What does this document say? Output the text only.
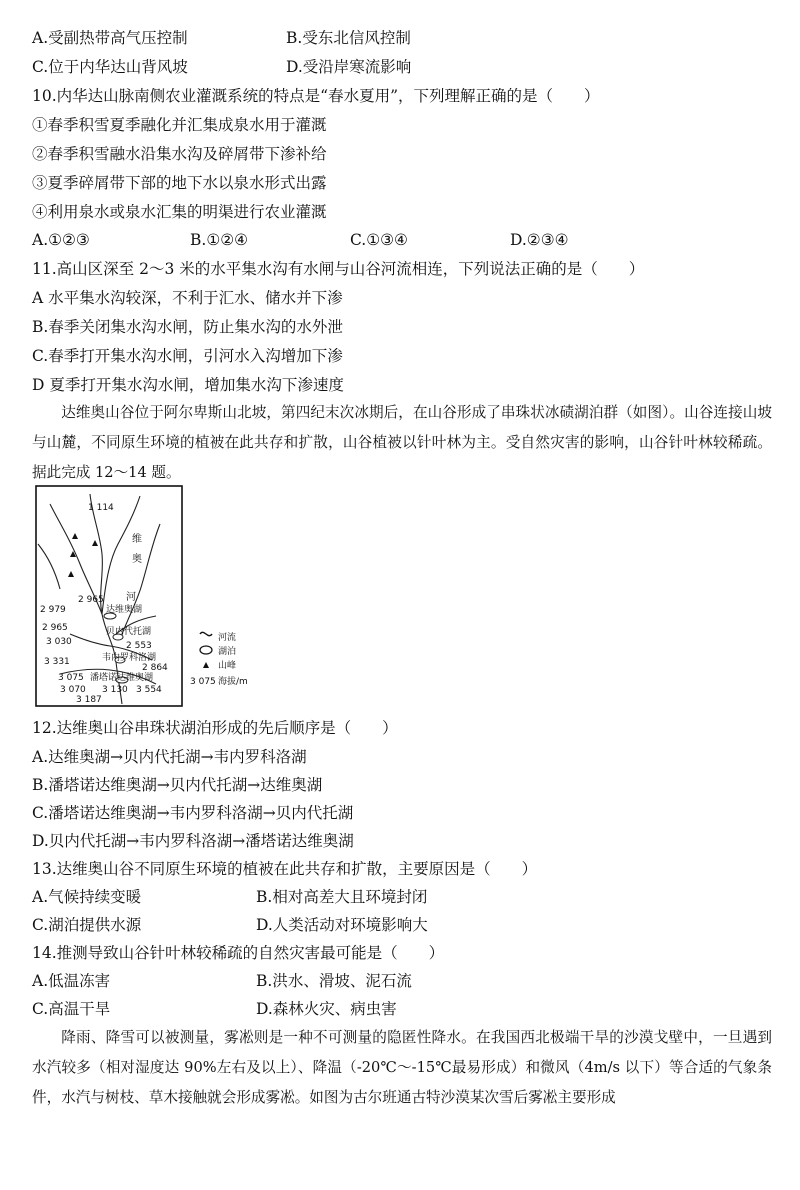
A.受副热带高气压控制	B.受东北信风控制
C.位于内华达山背风坡	D.受沿岸寒流影响
10.内华达山脉南侧农业灌溉系统的特点是“春水夏用”，下列理解正确的是（　　）
①春季积雪夏季融化并汇集成泉水用于灌溉
②春季积雪融水沿集水沟及碎屑带下渗补给
③夏季碎屑带下部的地下水以泉水形式出露
④利用泉水或泉水汇集的明渠进行农业灌溉
A.①②③	B.①②④	C.①③④	D.②③④
11.高山区深至 2～3 米的水平集水沟有水闸与山谷河流相连，下列说法正确的是（　　）
A 水平集水沟较深，不利于汇水、储水并下渗
B.春季关闭集水沟水闸，防止集水沟的水外泄
C.春季打开集水沟水闸，引河水入沟增加下渗
D 夏季打开集水沟水闸，增加集水沟下渗速度

达维奥山谷位于阿尔卑斯山北坡，第四纪末次冰期后，在山谷形成了串珠状冰碛湖泊群（如图）。山谷连接山坡与山麓，不同原生环境的植被在此共存和扩散，山谷植被以针叶林为主。受自然灾害的影响，山谷针叶林较稀疏。据此完成 12～14 题。

维
奥
河
达维奥湖
贝内代托湖
韦内罗科洛湖
潘塔诺达维奥湖
1 114
2 965
2 979
2 965
3 030
3 331
2 553
2 864
3 075
3 070 3 130 3 554
3 187
河流
湖泊
山峰
3 075 海拔/m
12.达维奥山谷串珠状湖泊形成的先后顺序是（　　）
A.达维奥湖→贝内代托湖→韦内罗科洛湖
B.潘塔诺达维奥湖→贝内代托湖→达维奥湖
C.潘塔诺达维奥湖→韦内罗科洛湖→贝内代托湖
D.贝内代托湖→韦内罗科洛湖→潘塔诺达维奥湖
13.达维奥山谷不同原生环境的植被在此共存和扩散，主要原因是（　　）
A.气候持续变暖	B.相对高差大且环境封闭
C.湖泊提供水源	D.人类活动对环境影响大
14.推测导致山谷针叶林较稀疏的自然灾害最可能是（　　）
A.低温冻害	B.洪水、滑坡、泥石流
C.高温干旱	D.森林火灾、病虫害

降雨、降雪可以被测量，雾凇则是一种不可测量的隐匿性降水。在我国西北极端干旱的沙漠戈壁中，一旦遇到水汽较多（相对湿度达 90%左右及以上）、降温（-20℃～-15℃最易形成）和微风（4m/s 以下）等合适的气象条件，水汽与树枝、草木接触就会形成雾凇。如图为古尔班通古特沙漠某次雪后雾凇主要形成
